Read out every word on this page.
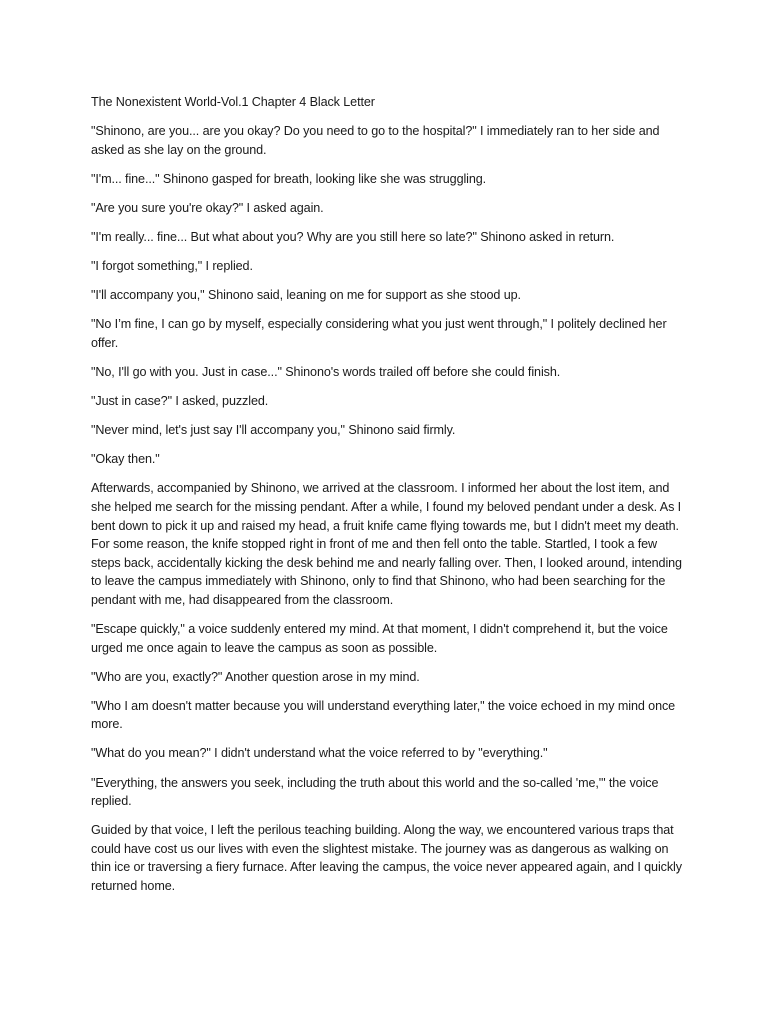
The Nonexistent World-Vol.1 Chapter 4 Black Letter

"Shinono, are you... are you okay? Do you need to go to the hospital?" I immediately ran to her side and asked as she lay on the ground.

"I'm... fine..." Shinono gasped for breath, looking like she was struggling.

"Are you sure you're okay?" I asked again.

"I'm really... fine... But what about you? Why are you still here so late?" Shinono asked in return.

"I forgot something," I replied.

"I'll accompany you," Shinono said, leaning on me for support as she stood up.

"No I’m fine, I can go by myself, especially considering what you just went through," I politely declined her offer.

"No, I'll go with you. Just in case..." Shinono's words trailed off before she could finish.

"Just in case?" I asked, puzzled.

"Never mind, let's just say I'll accompany you," Shinono said firmly.

"Okay then."

Afterwards, accompanied by Shinono, we arrived at the classroom. I informed her about the lost item, and she helped me search for the missing pendant. After a while, I found my beloved pendant under a desk. As I bent down to pick it up and raised my head, a fruit knife came flying towards me, but I didn't meet my death. For some reason, the knife stopped right in front of me and then fell onto the table. Startled, I took a few steps back, accidentally kicking the desk behind me and nearly falling over. Then, I looked around, intending to leave the campus immediately with Shinono, only to find that Shinono, who had been searching for the pendant with me, had disappeared from the classroom.

"Escape quickly," a voice suddenly entered my mind. At that moment, I didn't comprehend it, but the voice urged me once again to leave the campus as soon as possible.

"Who are you, exactly?" Another question arose in my mind.

"Who I am doesn't matter because you will understand everything later," the voice echoed in my mind once more.

"What do you mean?" I didn't understand what the voice referred to by "everything."

"Everything, the answers you seek, including the truth about this world and the so-called 'me,'" the voice replied.

Guided by that voice, I left the perilous teaching building. Along the way, we encountered various traps that could have cost us our lives with even the slightest mistake. The journey was as dangerous as walking on thin ice or traversing a fiery furnace. After leaving the campus, the voice never appeared again, and I quickly returned home.
